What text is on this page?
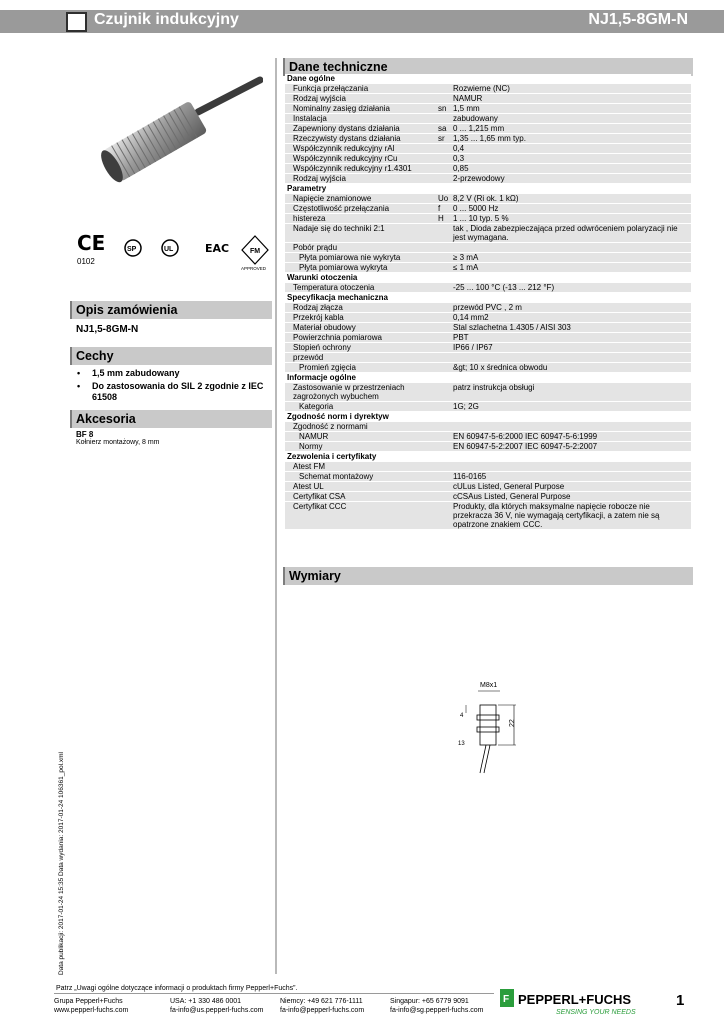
Czujnik indukcyjny	NJ1,5-8GM-N
CE
0102
SP	UL	EAC	FM
APPROVED
Opis zamówienia
NJ1,5-8GM-N
Cechy
• 1,5 mm zabudowany
• Do zastosowania do SIL 2 zgodnie z IEC 61508
Akcesoria
BF 8
Kołnierz montażowy, 8 mm
Dane techniczne
Dane ogólne		
Funkcja przełączania		Rozwierne (NC)
Rodzaj wyjścia		NAMUR
Nominalny zasięg działania	sn	1,5 mm
Instalacja		zabudowany
Zapewniony dystans działania	sa	0 ... 1,215 mm
Rzeczywisty dystans działania	sr	1,35 ... 1,65 mm typ.
Współczynnik redukcyjny rAl		0,4
Współczynnik redukcyjny rCu		0,3
Współczynnik redukcyjny r1.4301		0,85
Rodzaj wyjścia		2-przewodowy
Parametry		
Napięcie znamionowe	Uo	8,2 V (Ri ok. 1 kΩ)
Częstotliwość przełączania	f	0 ... 5000 Hz
histereza	H	1 ... 10 typ. 5 %
Nadaje się do techniki 2:1		tak , Dioda zabezpieczająca przed odwróceniem polaryzacji nie jest wymagana.
Pobór prądu		
Płyta pomiarowa nie wykryta		≥ 3 mA
Płyta pomiarowa wykryta		≤ 1 mA
Warunki otoczenia		
Temperatura otoczenia		-25 ... 100 °C (-13 ... 212 °F)
Specyfikacja mechaniczna		
Rodzaj złącza		przewód PVC , 2 m
Przekrój kabla		0,14 mm2
Materiał obudowy		Stal szlachetna 1.4305 / AISI 303
Powierzchnia pomiarowa		PBT
Stopień ochrony		IP66 / IP67
przewód		
Promień zgięcia		&gt; 10 x średnica obwodu
Informacje ogólne		
Zastosowanie w przestrzeniach zagrożonych wybuchem		patrz instrukcja obsługi
Kategoria		1G; 2G
Zgodność norm i dyrektyw		
Zgodność z normami		
NAMUR		EN 60947-5-6:2000 IEC 60947-5-6:1999
Normy		EN 60947-5-2:2007 IEC 60947-5-2:2007
Zezwolenia i certyfikaty		
Atest FM		
Schemat montażowy		116-0165
Atest UL		cULus Listed, General Purpose
Certyfikat CSA		cCSAus Listed, General Purpose
Certyfikat CCC		Produkty, dla których maksymalne napięcie robocze nie przekracza 36 V, nie wymagają certyfikacji, a zatem nie są opatrzone znakiem CCC.
Wymiary
M8x1
22
4
13
Data publikacji: 2017-01-24 15:35 Data wydania: 2017-01-24 106361_pol.xml
Patrz „Uwagi ogólne dotyczące informacji o produktach firmy Pepperl+Fuchs”.
Grupa Pepperl+Fuchs
www.pepperl-fuchs.com
USA: +1 330 486 0001
fa-info@us.pepperl-fuchs.com
Niemcy: +49 621 776-1111
fa-info@pepperl-fuchs.com
Singapur: +65 6779 9091
fa-info@sg.pepperl-fuchs.com
F PEPPERL+FUCHS
SENSING YOUR NEEDS
1
